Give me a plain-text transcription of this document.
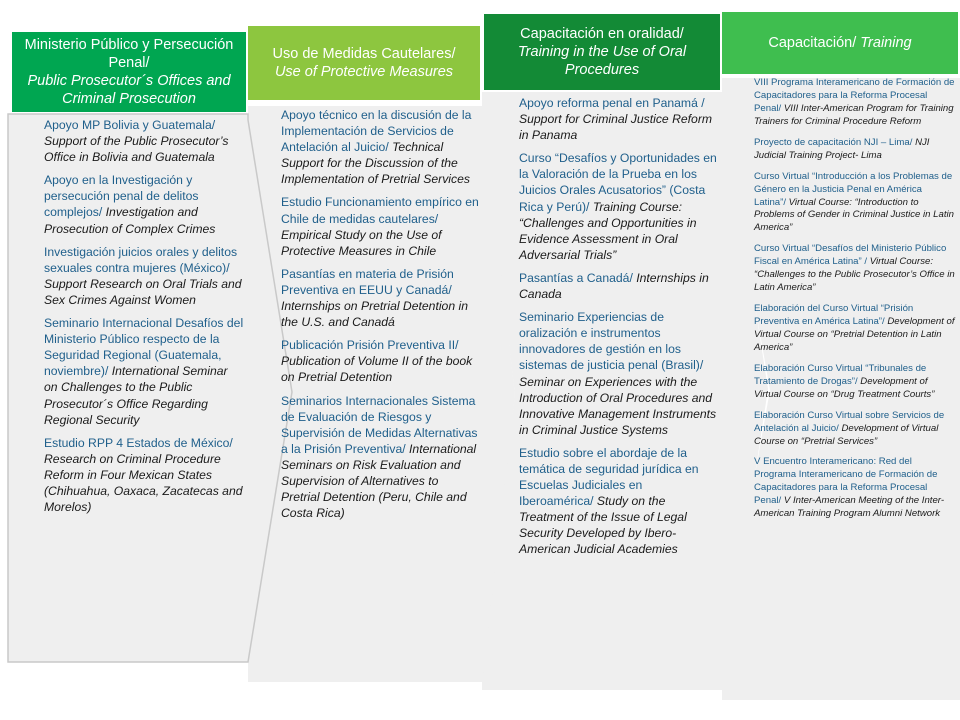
Ministerio Público y Persecución Penal/
Public Prosecutor´s Offices and Criminal Prosecution
Apoyo MP Bolivia y Guatemala/ Support of the Public Prosecutor’s Office in Bolivia and Guatemala
Apoyo en la Investigación y persecución penal de delitos complejos/ Investigation and Prosecution of Complex Crimes
Investigación juicios orales y delitos sexuales contra mujeres (México)/ Support Research on Oral Trials and Sex Crimes Against Women
Seminario Internacional Desafíos del Ministerio Público respecto de la Seguridad Regional (Guatemala, noviembre)/ International Seminar on Challenges to the Public Prosecutor´s Office Regarding Regional Security
Estudio RPP 4 Estados de México/ Research on Criminal Procedure Reform in Four Mexican States (Chihuahua, Oaxaca, Zacatecas and Morelos)
Uso de Medidas Cautelares/
Use of Protective Measures
Apoyo técnico en la discusión de la Implementación de Servicios de Antelación al Juicio/ Technical Support for the Discussion of the Implementation of Pretrial Services
Estudio Funcionamiento empírico en Chile de medidas cautelares/ Empirical Study on the Use of Protective Measures in Chile
Pasantías en materia de Prisión Preventiva en EEUU y Canadá/ Internships on Pretrial Detention in the U.S. and Canadá
Publicación Prisión Preventiva II/ Publication of Volume II of the book on Pretrial Detention
Seminarios Internacionales Sistema de Evaluación de Riesgos y Supervisión de Medidas Alternativas a la Prisión Preventiva/ International Seminars on Risk Evaluation and Supervision of Alternatives to Pretrial Detention (Peru, Chile and Costa Rica)
Capacitación en oralidad/
Training in the Use of Oral Procedures
Apoyo reforma penal en Panamá / Support for Criminal Justice Reform in Panama
Curso “Desafíos y Oportunidades en la Valoración de la Prueba en los Juicios Orales Acusatorios” (Costa Rica y Perú)/ Training Course: “Challenges and Opportunities in Evidence Assessment in Oral Adversarial Trials”
Pasantías a Canadá/ Internships in Canada
Seminario Experiencias de oralización e instrumentos innovadores de gestión en los sistemas de justicia penal (Brasil)/ Seminar on Experiences with the Introduction of Oral Procedures and Innovative Management Instruments in Criminal Justice Systems
Estudio sobre el abordaje de la temática de seguridad jurídica en Escuelas Judiciales en Iberoamérica/ Study on the Treatment of the Issue of Legal Security Developed by Ibero-American Judicial Academies
Capacitación/ Training
VIII Programa Interamericano de Formación de Capacitadores para la Reforma Procesal Penal/ VIII Inter-American Program for Training Trainers for Criminal Procedure Reform
Proyecto de capacitación NJI – Lima/ NJI Judicial Training Project- Lima
Curso Virtual “Introducción a los Problemas de Género en la Justicia Penal en América Latina”/ Virtual Course: “Introduction to Problems of Gender in Criminal Justice in Latin America”
Curso Virtual “Desafíos del Ministerio Público Fiscal en América Latina” / Virtual Course: “Challenges to the Public Prosecutor’s Office in Latin America”
Elaboración del Curso Virtual “Prisión Preventiva en América Latina”/ Development of Virtual Course on “Pretrial Detention in Latin America”
Elaboración Curso Virtual “Tribunales de Tratamiento de Drogas”/ Development of Virtual Course on “Drug Treatment Courts”
Elaboración Curso Virtual sobre Servicios de Antelación al Juicio/ Development of Virtual Course on “Pretrial Services”
V Encuentro Interamericano: Red del Programa Interamericano de Formación de Capacitadores para la Reforma Procesal Penal/ V Inter-American Meeting of the Inter-American Training Program Alumni Network
